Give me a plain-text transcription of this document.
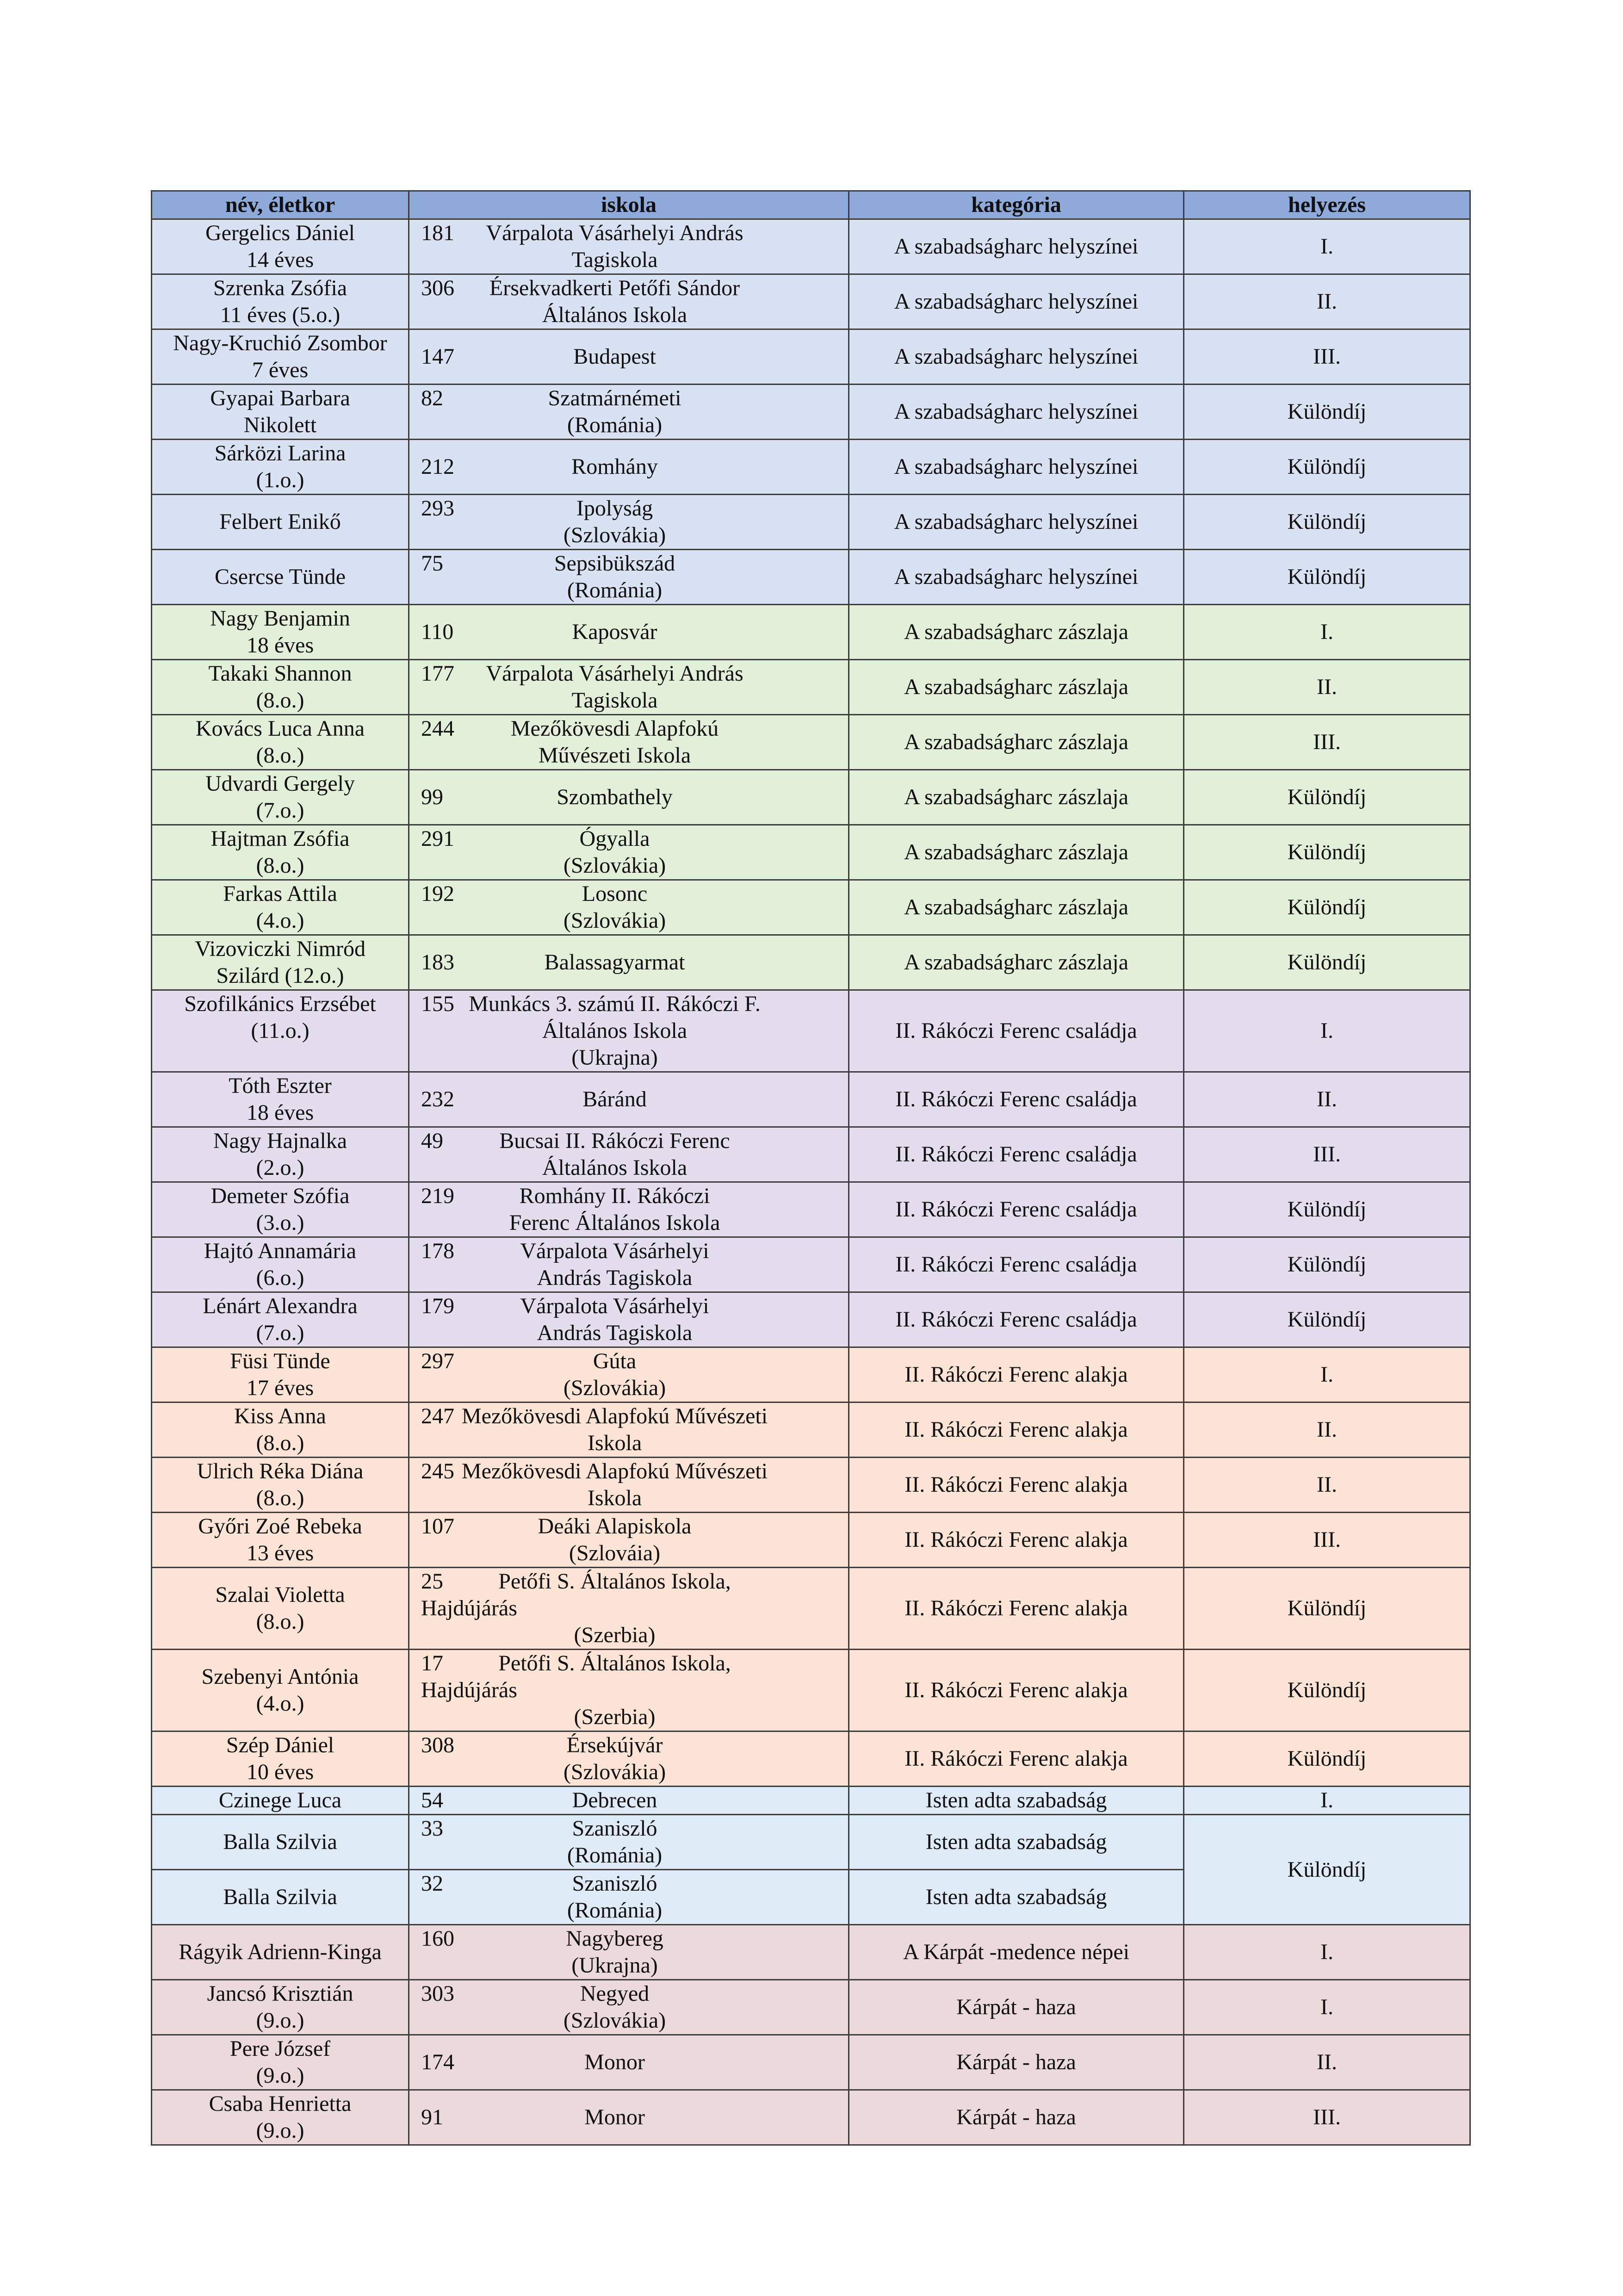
név, életkor	iskola	kategória	helyezés

Gergelics Dániel
14 éves	181 Várpalota Vásárhelyi András
Tagiskola	A szabadságharc helyszínei	I.

Szrenka Zsófia
11 éves (5.o.)	306 Érsekvadkerti Petőfi Sándor
Általános Iskola	A szabadságharc helyszínei	II.

Nagy-Kruchió Zsombor
7 éves	147 Budapest	A szabadságharc helyszínei	III.

Gyapai Barbara
Nikolett	82 Szatmárnémeti
(Románia)	A szabadságharc helyszínei	Különdíj

Sárközi Larina
(1.o.)	212 Romhány	A szabadságharc helyszínei	Különdíj

Felbert Enikő	293 Ipolyság
(Szlovákia)	A szabadságharc helyszínei	Különdíj

Csercse Tünde	75 Sepsibükszád
(Románia)	A szabadságharc helyszínei	Különdíj

Nagy Benjamin
18 éves	110 Kaposvár	A szabadságharc zászlaja	I.

Takaki Shannon
(8.o.)	177 Várpalota Vásárhelyi András
Tagiskola	A szabadságharc zászlaja	II.

Kovács Luca Anna
(8.o.)	244 Mezőkövesdi Alapfokú
Művészeti Iskola	A szabadságharc zászlaja	III.

Udvardi Gergely
(7.o.)	99 Szombathely	A szabadságharc zászlaja	Különdíj

Hajtman Zsófia
(8.o.)	291 Ógyalla
(Szlovákia)	A szabadságharc zászlaja	Különdíj

Farkas Attila
(4.o.)	192 Losonc
(Szlovákia)	A szabadságharc zászlaja	Különdíj

Vizoviczki Nimród
Szilárd (12.o.)	183 Balassagyarmat	A szabadságharc zászlaja	Különdíj

Szofilkánics Erzsébet
(11.o.)	155 Munkács 3. számú II. Rákóczi F.
Általános Iskola
(Ukrajna)	II. Rákóczi Ferenc családja	I.

Tóth Eszter
18 éves	232 Báránd	II. Rákóczi Ferenc családja	II.

Nagy Hajnalka
(2.o.)	49 Bucsai II. Rákóczi Ferenc
Általános Iskola	II. Rákóczi Ferenc családja	III.

Demeter Szófia
(3.o.)	219 Romhány II. Rákóczi
Ferenc Általános Iskola	II. Rákóczi Ferenc családja	Különdíj

Hajtó Annamária
(6.o.)	178 Várpalota Vásárhelyi
András Tagiskola	II. Rákóczi Ferenc családja	Különdíj

Lénárt Alexandra
(7.o.)	179 Várpalota Vásárhelyi
András Tagiskola	II. Rákóczi Ferenc családja	Különdíj

Füsi Tünde
17 éves	297 Gúta
(Szlovákia)	II. Rákóczi Ferenc alakja	I.

Kiss Anna
(8.o.)	247 Mezőkövesdi Alapfokú Művészeti
Iskola	II. Rákóczi Ferenc alakja	II.

Ulrich Réka Diána
(8.o.)	245 Mezőkövesdi Alapfokú Művészeti
Iskola	II. Rákóczi Ferenc alakja	II.

Győri Zoé Rebeka
13 éves	107 Deáki Alapiskola
(Szlováia)	II. Rákóczi Ferenc alakja	III.

Szalai Violetta
(8.o.)	25 Petőfi S. Általános Iskola,
Hajdújárás
(Szerbia)	II. Rákóczi Ferenc alakja	Különdíj

Szebenyi Antónia
(4.o.)	17 Petőfi S. Általános Iskola,
Hajdújárás
(Szerbia)	II. Rákóczi Ferenc alakja	Különdíj

Szép Dániel
10 éves	308 Érsekújvár
(Szlovákia)	II. Rákóczi Ferenc alakja	Különdíj

Czinege Luca	54 Debrecen	Isten adta szabadság	I.

Balla Szilvia	33 Szaniszló
(Románia)	Isten adta szabadság	Különdíj

Balla Szilvia	32 Szaniszló
(Románia)	Isten adta szabadság	

Rágyik Adrienn-Kinga	160 Nagybereg
(Ukrajna)	A Kárpát -medence népei	I.

Jancsó Krisztián
(9.o.)	303 Negyed
(Szlovákia)	Kárpát - haza	I.

Pere József
(9.o.)	174 Monor	Kárpát - haza	II.

Csaba Henrietta
(9.o.)	91 Monor	Kárpát - haza	III.
